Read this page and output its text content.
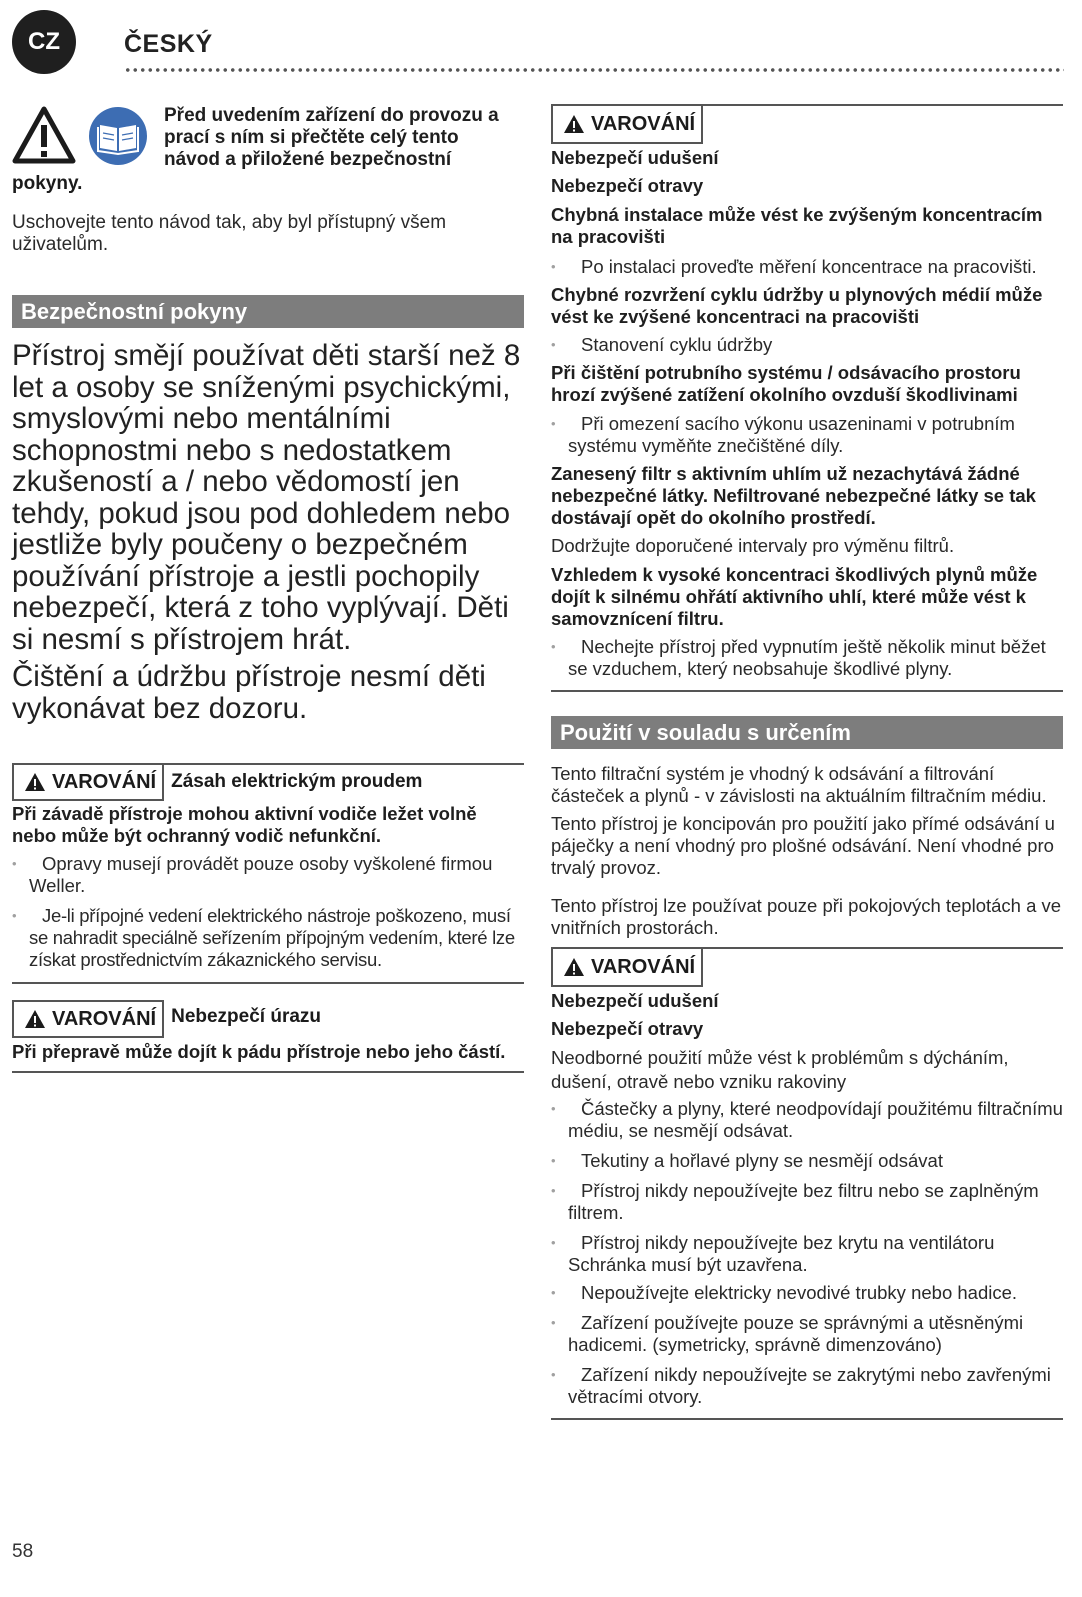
CZ	ČESKÝ
Před uvedením zařízení do provozu a
prací s ním si přečtěte celý tento
návod a přiložené bezpečnostní
pokyny.
Uschovejte tento návod tak, aby byl přístupný všem uživatelům.
Bezpečnostní pokyny
Přístroj smějí používat děti starší než 8 let a osoby se sníženými psychickými, smyslovými nebo mentálními schopnostmi nebo s nedostatkem zkušeností a / nebo vědomostí jen tehdy, pokud jsou pod dohledem nebo jestliže byly poučeny o bezpečném používání přístroje a jestli pochopily nebezpečí, která z toho vyplývají. Děti si nesmí s přístrojem hrát.
Čištění a údržbu přístroje nesmí děti vykonávat bez dozoru.
VAROVÁNÍ Zásah elektrickým proudem
Při závadě přístroje mohou aktivní vodiče ležet volně nebo může být ochranný vodič nefunkční.
• Opravy musejí provádět pouze osoby vyškolené firmou Weller.
• Je-li přípojné vedení elektrického nástroje poškozeno, musí se nahradit speciálně seřízením přípojným vedením, které lze získat prostřednictvím zákaznického servisu.
VAROVÁNÍ Nebezpečí úrazu
Při přepravě může dojít k pádu přístroje nebo jeho částí.
VAROVÁNÍ
Nebezpečí udušení
Nebezpečí otravy
Chybná instalace může vést ke zvýšeným koncentracím na pracovišti
• Po instalaci proveďte měření koncentrace na pracovišti.
Chybné rozvržení cyklu údržby u plynových médií může vést ke zvýšené koncentraci na pracovišti
• Stanovení cyklu údržby
Při čištění potrubního systému / odsávacího prostoru hrozí zvýšené zatížení okolního ovzduší škodlivinami
• Při omezení sacího výkonu usazeninami v potrubním systému vyměňte znečištěné díly.
Zanesený filtr s aktivním uhlím už nezachytává žádné nebezpečné látky. Nefiltrované nebezpečné látky se tak dostávají opět do okolního prostředí.
Dodržujte doporučené intervaly pro výměnu filtrů.
Vzhledem k vysoké koncentraci škodlivých plynů může dojít k silnému ohřátí aktivního uhlí, které může vést k samovznícení filtru.
• Nechejte přístroj před vypnutím ještě několik minut běžet se vzduchem, který neobsahuje škodlivé plyny.
Použití v souladu s určením
Tento filtrační systém je vhodný k odsávání a filtrování částeček a plynů - v závislosti na aktuálním filtračním médiu.
Tento přístroj je koncipován pro použití jako přímé odsávání u páječky a není vhodný pro plošné odsávání. Není vhodné pro trvalý provoz.
Tento přístroj lze používat pouze při pokojových teplotách a ve vnitřních prostorách.
VAROVÁNÍ
Nebezpečí udušení
Nebezpečí otravy
Neodborné použití může vést k problémům s dýcháním, dušení, otravě nebo vzniku rakoviny
• Částečky a plyny, které neodpovídají použitému filtračnímu médiu, se nesmějí odsávat.
• Tekutiny a hořlavé plyny se nesmějí odsávat
• Přístroj nikdy nepoužívejte bez filtru nebo se zaplněným filtrem.
• Přístroj nikdy nepoužívejte bez krytu na ventilátoru Schránka musí být uzavřena.
• Nepoužívejte elektricky nevodivé trubky nebo hadice.
• Zařízení používejte pouze se správnými a utěsněnými hadicemi. (symetricky, správně dimenzováno)
• Zařízení nikdy nepoužívejte se zakrytými nebo zavřenými větracími otvory.
58
